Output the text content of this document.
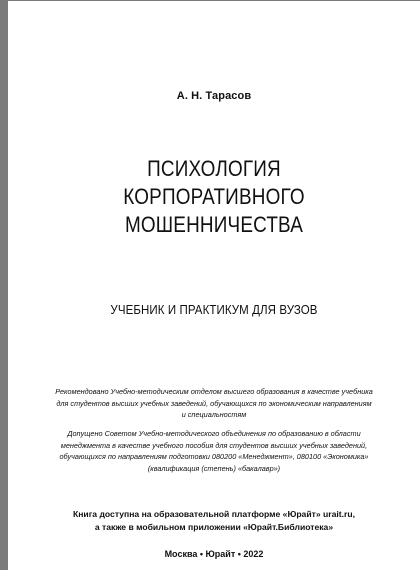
А. Н. Тарасов
ПСИХОЛОГИЯ
КОРПОРАТИВНОГО
МОШЕННИЧЕСТВА
УЧЕБНИК И ПРАКТИКУМ ДЛЯ ВУЗОВ
Рекомендовано Учебно-методическим отделом высшего образования в качестве учебника
для студентов высших учебных заведений, обучающихся по экономическим направлениям
и специальностям
Допущено Советом Учебно-методического объединения по образованию в области
менеджмента в качестве учебного пособия для студентов высших учебных заведений,
обучающихся по направлениям подготовки 080200 «Менеджмент», 080100 «Экономика»
(квалификация (степень) «бакалавр»)
Книга доступна на образовательной платформе «Юрайт» urait.ru,
а также в мобильном приложении «Юрайт.Библиотека»
Москва • Юрайт • 2022
